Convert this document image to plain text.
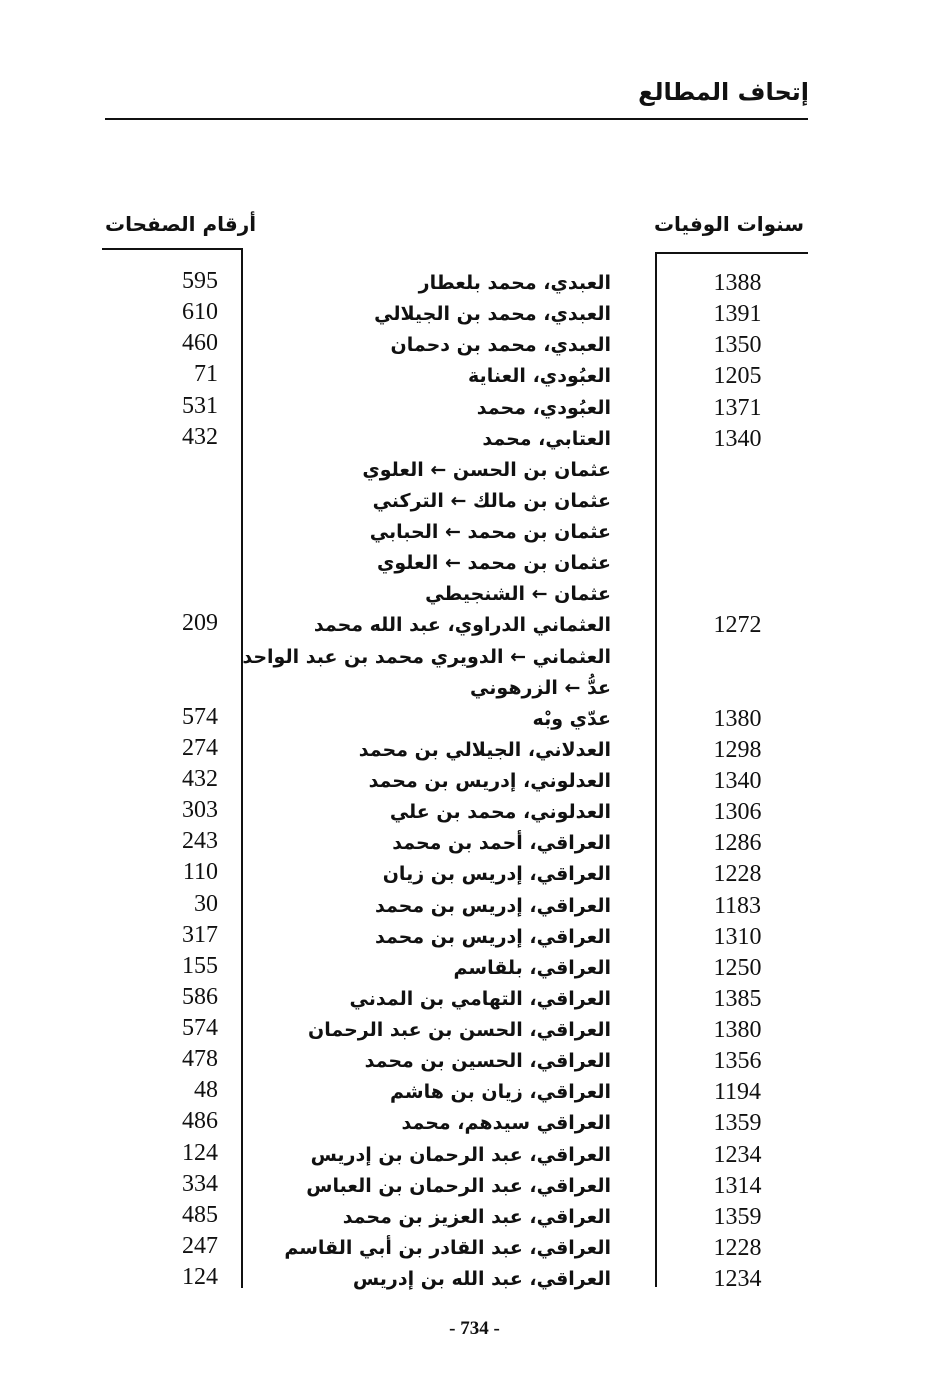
إتحاف المطالع
سنوات الوفيات
أرقام الصفحات
1388
العبدي، محمد بلعطار
595
1391
العبدي، محمد بن الجيلالي
610
1350
العبدي، محمد بن دحمان
460
1205
العبُودي، العناية
71
1371
العبُودي، محمد
531
1340
العتابي، محمد
432
عثمان بن الحسن ← العلوي
عثمان بن مالك ← التركني
عثمان بن محمد ← الحبابي
عثمان بن محمد ← العلوي
عثمان ← الشنجيطي
1272
العثماني الدراوي، عبد الله محمد
209
العثماني ← الدويري محمد بن عبد الواحد
عدُّ ← الزرهوني
1380
عدّي وبْه
574
1298
العدلاني، الجيلالي بن محمد
274
1340
العدلوني، إدريس بن محمد
432
1306
العدلوني، محمد بن علي
303
1286
العراقي، أحمد بن محمد
243
1228
العراقي، إدريس بن زيان
110
1183
العراقي، إدريس بن محمد
30
1310
العراقي، إدريس بن محمد
317
1250
العراقي، بلقاسم
155
1385
العراقي، التهامي بن المدني
586
1380
العراقي، الحسن بن عبد الرحمان
574
1356
العراقي، الحسين بن محمد
478
1194
العراقي، زيان بن هاشم
48
1359
العراقي سيدهم، محمد
486
1234
العراقي، عبد الرحمان بن إدريس
124
1314
العراقي، عبد الرحمان بن العباس
334
1359
العراقي، عبد العزيز بن محمد
485
1228
العراقي، عبد القادر بن أبي القاسم
247
1234
العراقي، عبد الله بن إدريس
124
- 734 -
